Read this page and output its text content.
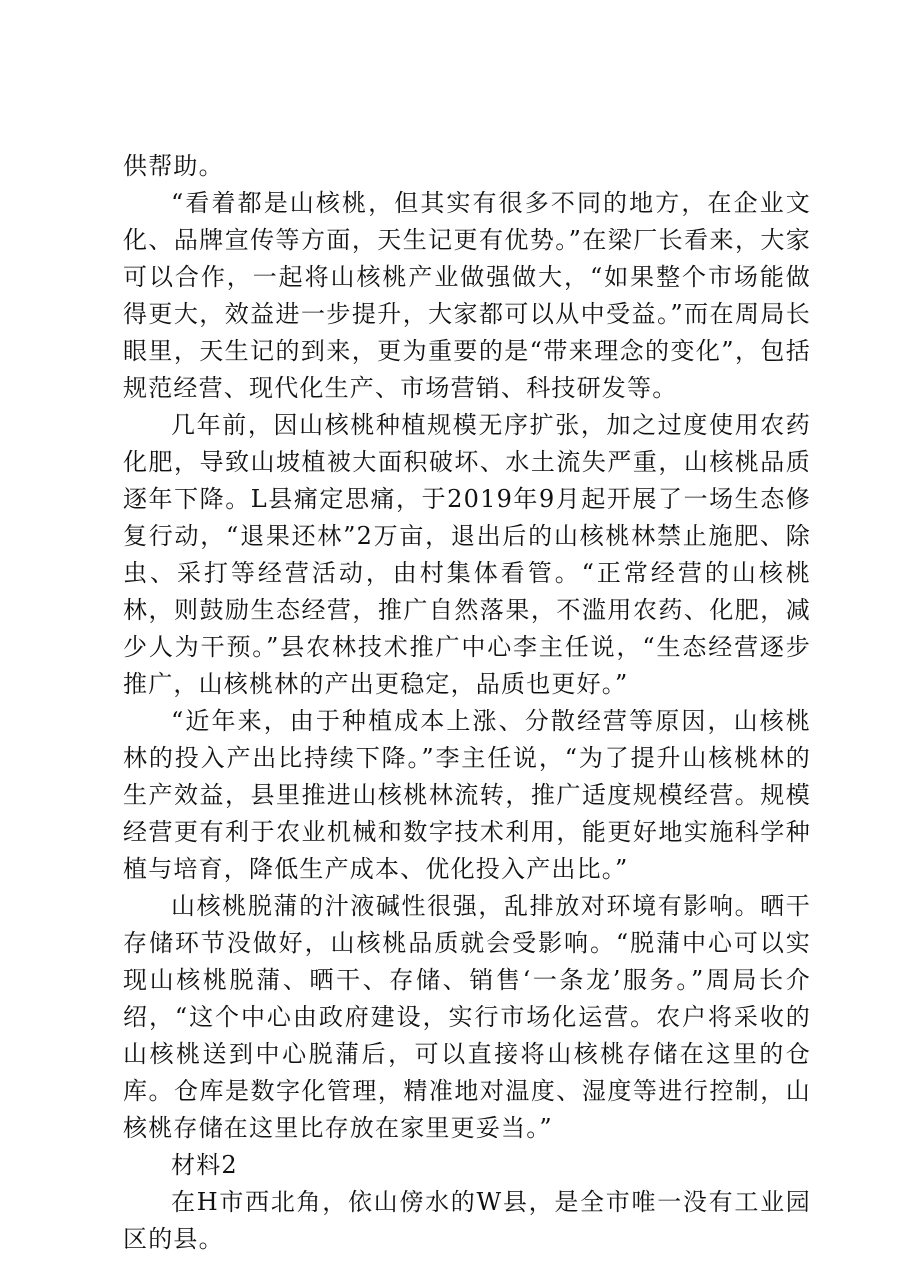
供帮助。

“看着都是山核桃，但其实有很多不同的地方，在企业文化、品牌宣传等方面，天生记更有优势。”在梁厂长看来，大家可以合作，一起将山核桃产业做强做大，“如果整个市场能做得更大，效益进一步提升，大家都可以从中受益。”而在周局长眼里，天生记的到来，更为重要的是“带来理念的变化”，包括规范经营、现代化生产、市场营销、科技研发等。

几年前，因山核桃种植规模无序扩张，加之过度使用农药化肥，导致山坡植被大面积破坏、水土流失严重，山核桃品质逐年下降。L县痛定思痛，于2019年9月起开展了一场生态修复行动，“退果还林”2万亩，退出后的山核桃林禁止施肥、除虫、采打等经营活动，由村集体看管。“正常经营的山核桃林，则鼓励生态经营，推广自然落果，不滥用农药、化肥，减少人为干预。”县农林技术推广中心李主任说，“生态经营逐步推广，山核桃林的产出更稳定，品质也更好。”

“近年来，由于种植成本上涨、分散经营等原因，山核桃林的投入产出比持续下降。”李主任说，“为了提升山核桃林的生产效益，县里推进山核桃林流转，推广适度规模经营。规模经营更有利于农业机械和数字技术利用，能更好地实施科学种植与培育，降低生产成本、优化投入产出比。”

山核桃脱蒲的汁液碱性很强，乱排放对环境有影响。晒干存储环节没做好，山核桃品质就会受影响。“脱蒲中心可以实现山核桃脱蒲、晒干、存储、销售‘一条龙’服务。”周局长介绍，“这个中心由政府建设，实行市场化运营。农户将采收的山核桃送到中心脱蒲后，可以直接将山核桃存储在这里的仓库。仓库是数字化管理，精准地对温度、湿度等进行控制，山核桃存储在这里比存放在家里更妥当。”

材料2

在H市西北角，依山傍水的W县，是全市唯一没有工业园区的县。
